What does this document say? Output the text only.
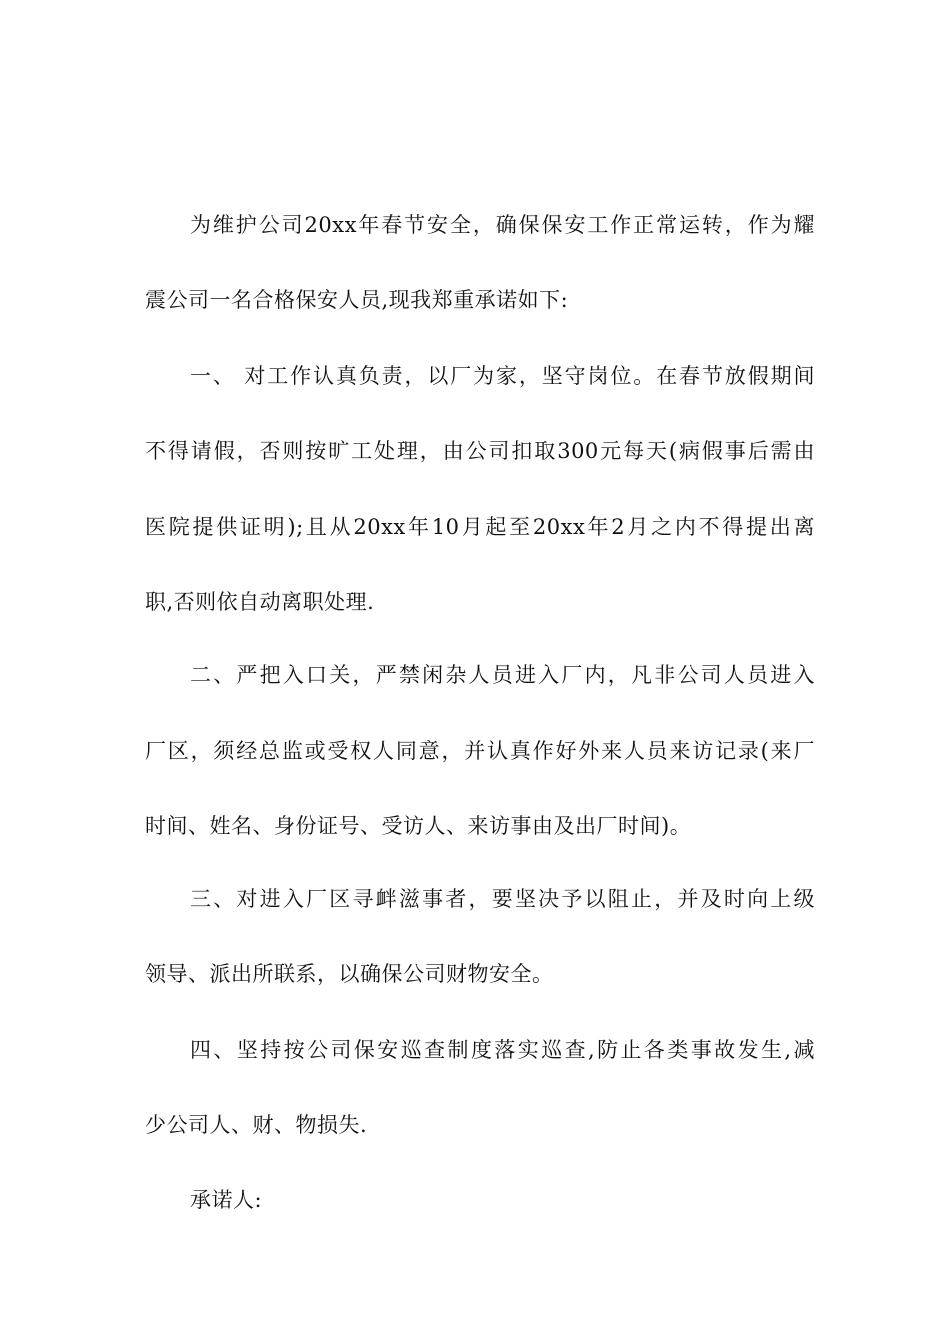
为维护公司20xx年春节安全，确保保安工作正常运转，作为耀
震公司一名合格保安人员,现我郑重承诺如下:
一、 对工作认真负责，以厂为家，坚守岗位。在春节放假期间
不得请假，否则按旷工处理，由公司扣取300元每天(病假事后需由
医院提供证明);且从20xx年10月起至20xx年2月之内不得提出离
职,否则依自动离职处理.
二、严把入口关，严禁闲杂人员进入厂内，凡非公司人员进入
厂区，须经总监或受权人同意，并认真作好外来人员来访记录(来厂
时间、姓名、身份证号、受访人、来访事由及出厂时间)。
三、对进入厂区寻衅滋事者，要坚决予以阻止，并及时向上级
领导、派出所联系，以确保公司财物安全。
四、坚持按公司保安巡查制度落实巡查,防止各类事故发生,减
少公司人、财、物损失.
承诺人:
